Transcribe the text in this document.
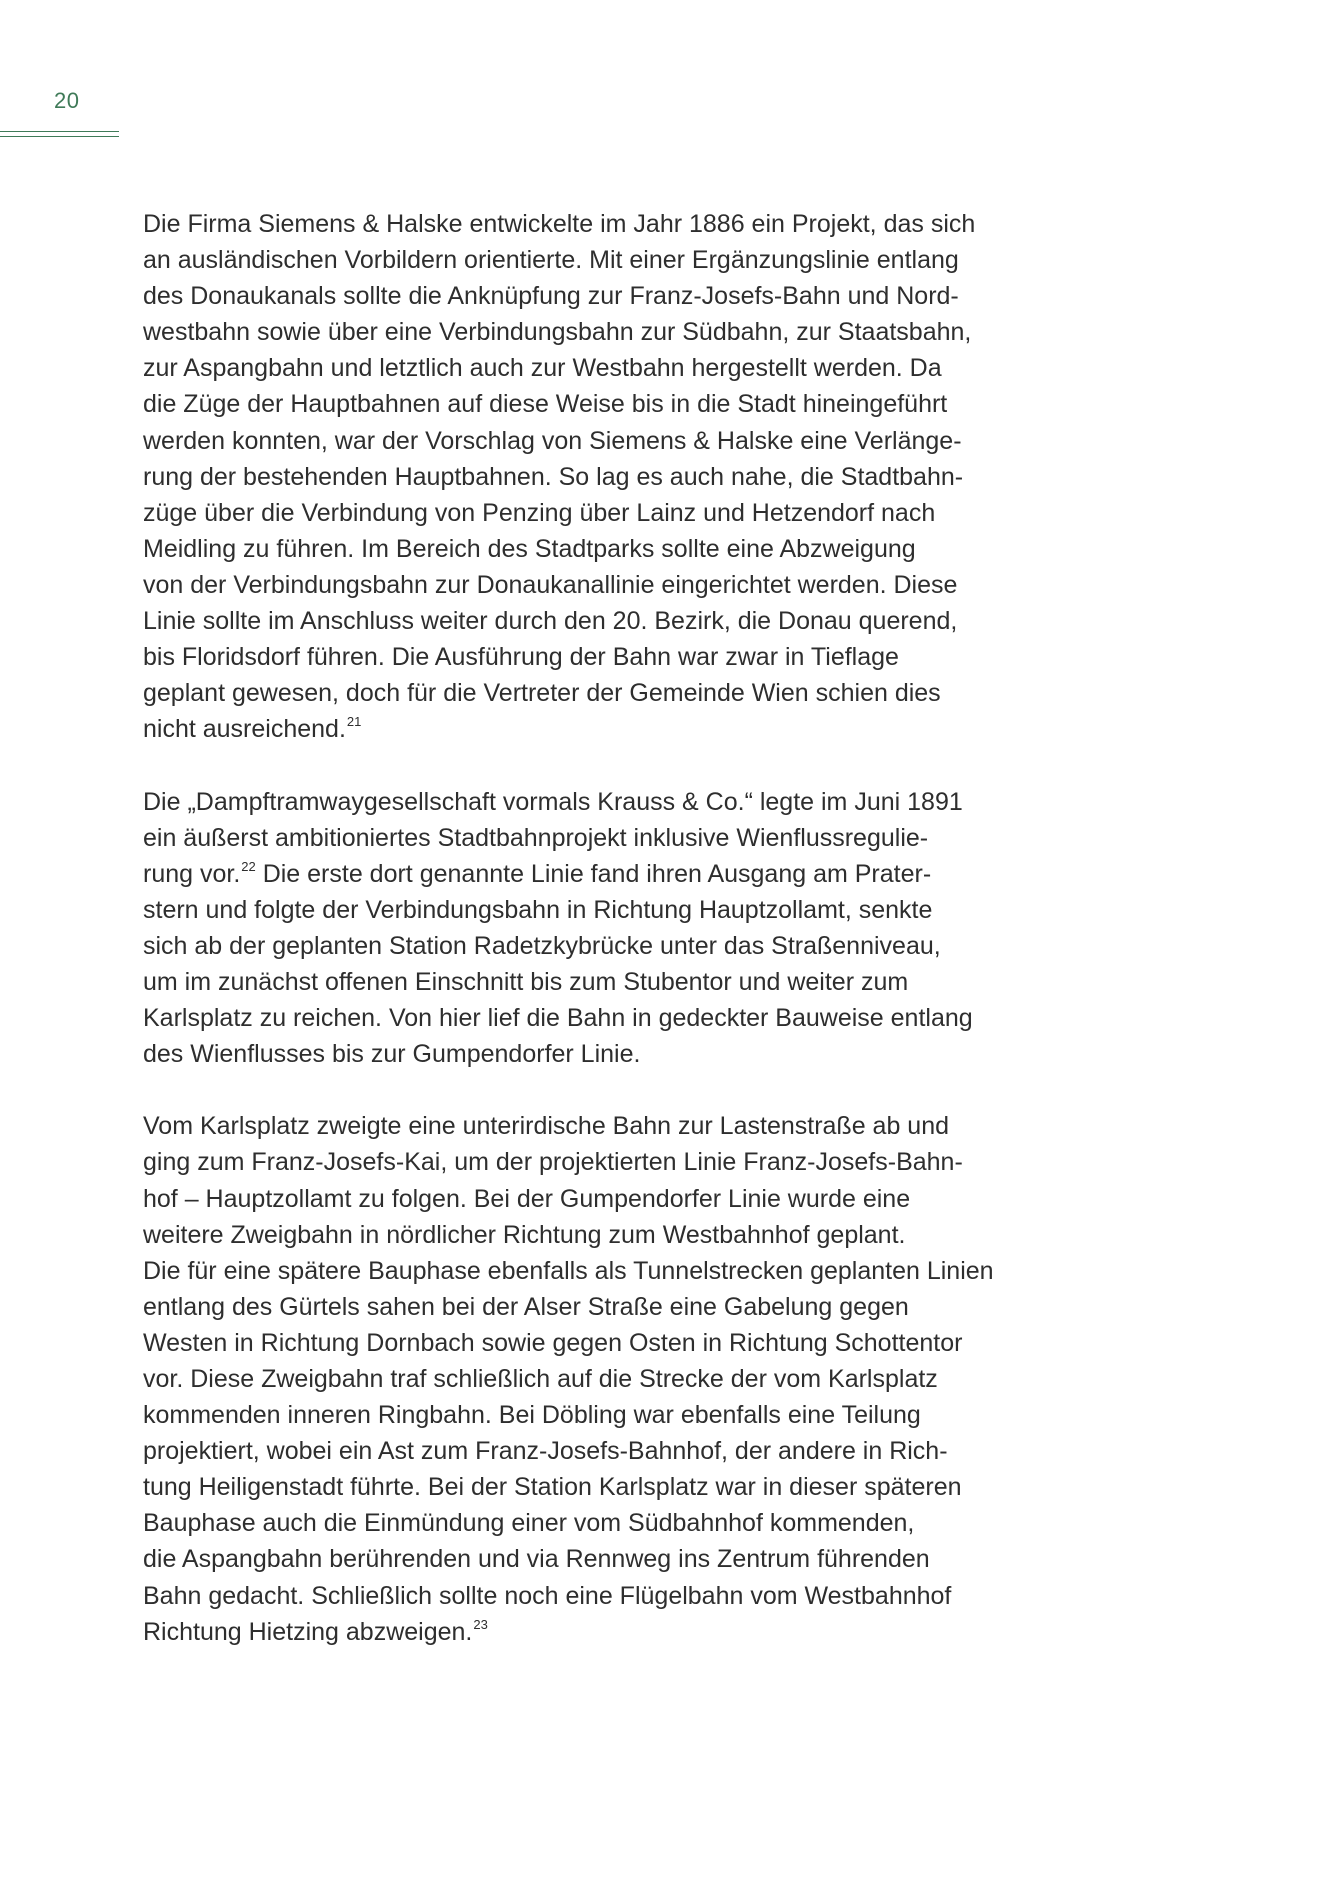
20
Die Firma Siemens & Halske entwickelte im Jahr 1886 ein Projekt, das sich
an ausländischen Vorbildern orientierte. Mit einer Ergänzungslinie entlang
des Donaukanals sollte die Anknüpfung zur Franz-Josefs-Bahn und Nord-
westbahn sowie über eine Verbindungsbahn zur Südbahn, zur Staatsbahn,
zur Aspangbahn und letztlich auch zur Westbahn hergestellt werden. Da
die Züge der Hauptbahnen auf diese Weise bis in die Stadt hineingeführt
werden konnten, war der Vorschlag von Siemens & Halske eine Verlänge-
rung der bestehenden Hauptbahnen. So lag es auch nahe, die Stadtbahn-
züge über die Verbindung von Penzing über Lainz und Hetzendorf nach
Meidling zu führen. Im Bereich des Stadtparks sollte eine Abzweigung
von der Verbindungsbahn zur Donaukanallinie eingerichtet werden. Diese
Linie sollte im Anschluss weiter durch den 20. Bezirk, die Donau querend,
bis Floridsdorf führen. Die Ausführung der Bahn war zwar in Tieflage
geplant gewesen, doch für die Vertreter der Gemeinde Wien schien dies
nicht ausreichend.$^{21}$
Die „Dampftramwaygesellschaft vormals Krauss & Co.“ legte im Juni 1891
ein äußerst ambitioniertes Stadtbahnprojekt inklusive Wienflussregulie-
rung vor.$^{22}$ Die erste dort genannte Linie fand ihren Ausgang am Prater-
stern und folgte der Verbindungsbahn in Richtung Hauptzollamt, senkte
sich ab der geplanten Station Radetzkybrücke unter das Straßenniveau,
um im zunächst offenen Einschnitt bis zum Stubentor und weiter zum
Karlsplatz zu reichen. Von hier lief die Bahn in gedeckter Bauweise entlang
des Wienflusses bis zur Gumpendorfer Linie.
Vom Karlsplatz zweigte eine unterirdische Bahn zur Lastenstraße ab und
ging zum Franz-Josefs-Kai, um der projektierten Linie Franz-Josefs-Bahn-
hof – Hauptzollamt zu folgen. Bei der Gumpendorfer Linie wurde eine
weitere Zweigbahn in nördlicher Richtung zum Westbahnhof geplant.
Die für eine spätere Bauphase ebenfalls als Tunnelstrecken geplanten Linien
entlang des Gürtels sahen bei der Alser Straße eine Gabelung gegen
Westen in Richtung Dornbach sowie gegen Osten in Richtung Schottentor
vor. Diese Zweigbahn traf schließlich auf die Strecke der vom Karlsplatz
kommenden inneren Ringbahn. Bei Döbling war ebenfalls eine Teilung
projektiert, wobei ein Ast zum Franz-Josefs-Bahnhof, der andere in Rich-
tung Heiligenstadt führte. Bei der Station Karlsplatz war in dieser späteren
Bauphase auch die Einmündung einer vom Südbahnhof kommenden,
die Aspangbahn berührenden und via Rennweg ins Zentrum führenden
Bahn gedacht. Schließlich sollte noch eine Flügelbahn vom Westbahnhof
Richtung Hietzing abzweigen.$^{23}$
